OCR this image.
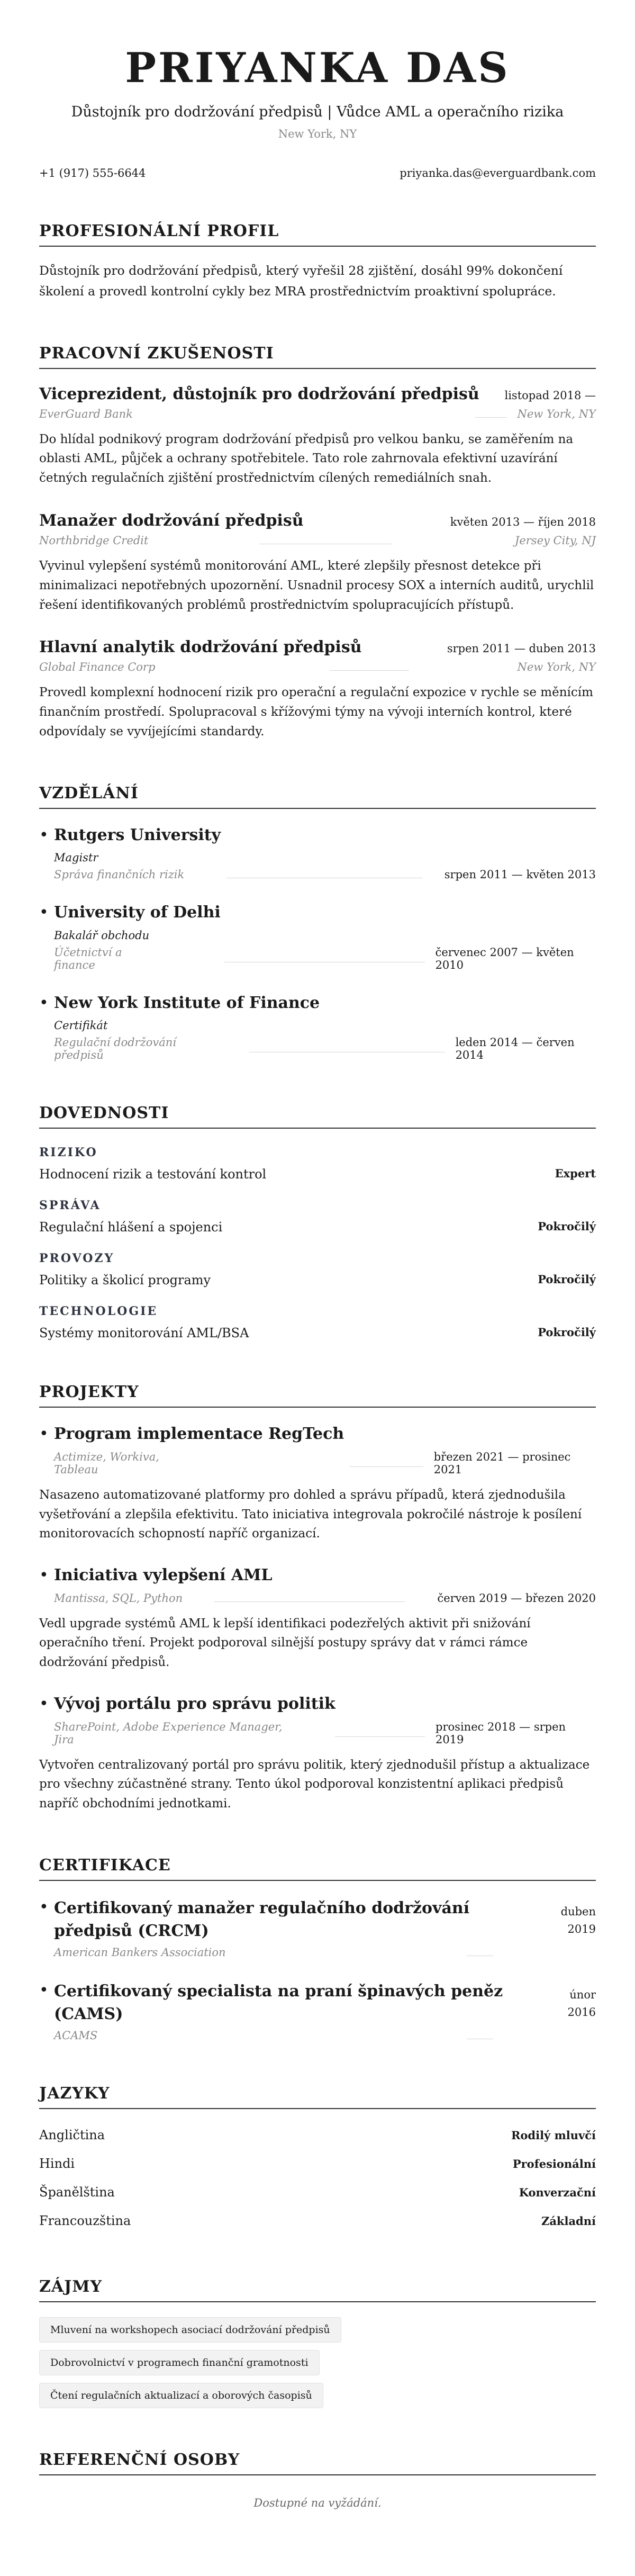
PRIYANKA DAS

Důstojník pro dodržování předpisů | Vůdce AML a operačního rizika

New York, NY

+1 (917) 555-6644	priyanka.das@everguardbank.com
PROFESIONÁLNÍ PROFIL

Důstojník pro dodržování předpisů, který vyřešil 28 zjištění, dosáhl 99% dokončení školení a provedl kontrolní cykly bez MRA prostřednictvím proaktivní spolupráce.

PRACOVNÍ ZKUŠENOSTI
Viceprezident, důstojník pro dodržování předpisů listopad 2018 —
EverGuard Bank	New York, NY

Do hlídal podnikový program dodržování předpisů pro velkou banku, se zaměřením na oblasti AML, půjček a ochrany spotřebitele. Tato role zahrnovala efektivní uzavírání četných regulačních zjištění prostřednictvím cílených remediálních snah.

Manažer dodržování předpisů	květen 2013 — říjen 2018
Northbridge Credit	Jersey City, NJ

Vyvinul vylepšení systémů monitorování AML, které zlepšily přesnost detekce při minimalizaci nepotřebných upozornění. Usnadnil procesy SOX a interních auditů, urychlil řešení identifikovaných problémů prostřednictvím spolupracujících přístupů.

Hlavní analytik dodržování předpisů	srpen 2011 — duben 2013
Global Finance Corp	New York, NY

Provedl komplexní hodnocení rizik pro operační a regulační expozice v rychle se měnícím finančním prostředí. Spolupracoval s křížovými týmy na vývoji interních kontrol, které odpovídaly se vyvíjejícími standardy.

VZDĚLÁNÍ
• Rutgers University
Magistr
Správa finančních rizik	srpen 2011 — květen 2013
• University of Delhi
Bakalář obchodu
Účetnictví a finance
červenec 2007 — květen 2010
• New York Institute of Finance
Certifikát
Regulační dodržování předpisů
leden 2014 — červen 2014
DOVEDNOSTI
RIZIKO
Hodnocení rizik a testování kontrol	Expert
SPRÁVA
Regulační hlášení a spojenci	Pokročilý
PROVOZY
Politiky a školicí programy	Pokročilý
TECHNOLOGIE
Systémy monitorování AML/BSA	Pokročilý
PROJEKTY
• Program implementace RegTech
Actimize, Workiva, Tableau
březen 2021 — prosinec 2021

Nasazeno automatizované platformy pro dohled a správu případů, která zjednodušila vyšetřování a zlepšila efektivitu. Tato iniciativa integrovala pokročilé nástroje k posílení monitorovacích schopností napříč organizací.

• Iniciativa vylepšení AML
Mantissa, SQL, Python	červen 2019 — březen 2020

Vedl upgrade systémů AML k lepší identifikaci podezřelých aktivit při snižování operačního tření. Projekt podporoval silnější postupy správy dat v rámci rámce dodržování předpisů.

• Vývoj portálu pro správu politik
SharePoint, Adobe Experience Manager, Jira
prosinec 2018 — srpen 2019

Vytvořen centralizovaný portál pro správu politik, který zjednodušil přístup a aktualizace pro všechny zúčastněné strany. Tento úkol podporoval konzistentní aplikaci předpisů napříč obchodními jednotkami.

CERTIFIKACE
• Certifikovaný manažer regulačního dodržování předpisů (CRCM)
American Bankers Association
duben
2019
• Certifikovaný specialista na praní špinavých peněz (CAMS)
ACAMS
únor
2016
JAZYKY
Angličtina	Rodilý mluvčí
Hindi	Profesionální
Španělština	Konverzační
Francouzština	Základní
ZÁJMY
Mluvení na workshopech asociací dodržování předpisů
Dobrovolnictví v programech finanční gramotnosti
Čtení regulačních aktualizací a oborových časopisů
REFERENČNÍ OSOBY

Dostupné na vyžádání.
